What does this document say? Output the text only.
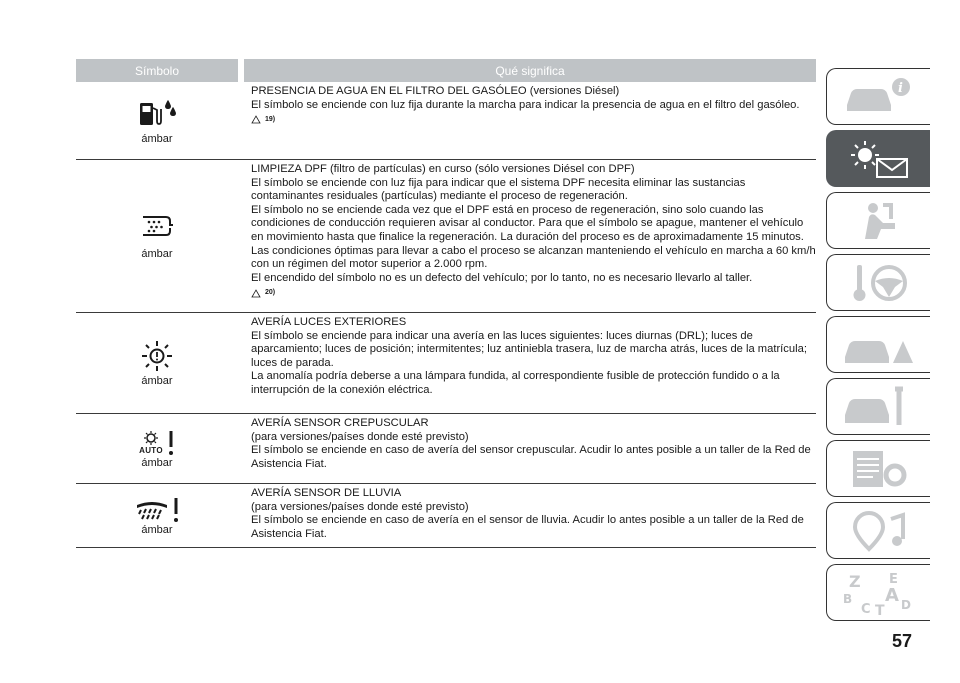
Símbolo	Qué significa
ámbar

PRESENCIA DE AGUA EN EL FILTRO DEL GASÓLEO (versiones Diésel)

El símbolo se enciende con luz fija durante la marcha para indicar la presencia de agua en el filtro del gasóleo.

19)
ámbar

LIMPIEZA DPF (filtro de partículas) en curso (sólo versiones Diésel con DPF)

El símbolo se enciende con luz fija para indicar que el sistema DPF necesita eliminar las sustancias contaminantes residuales (partículas) mediante el proceso de regeneración.

El símbolo no se enciende cada vez que el DPF está en proceso de regeneración, sino solo cuando las condiciones de conducción requieren avisar al conductor. Para que el símbolo se apague, mantener el vehículo en movimiento hasta que finalice la regeneración. La duración del proceso es de aproximadamente 15 minutos. Las condiciones óptimas para llevar a cabo el proceso se alcanzan manteniendo el vehículo en marcha a 60 km/h con un régimen del motor superior a 2.000 rpm.

El encendido del símbolo no es un defecto del vehículo; por lo tanto, no es necesario llevarlo al taller.

20)
ámbar

AVERÍA LUCES EXTERIORES

El símbolo se enciende para indicar una avería en las luces siguientes: luces diurnas (DRL); luces de aparcamiento; luces de posición; intermitentes; luz antiniebla trasera, luz de marcha atrás, luces de la matrícula; luces de parada.

La anomalía podría deberse a una lámpara fundida, al correspondiente fusible de protección fundido o a la interrupción de la conexión eléctrica.

AUTO
ámbar

AVERÍA SENSOR CREPUSCULAR

(para versiones/países donde esté previsto)

El símbolo se enciende en caso de avería del sensor crepuscular. Acudir lo antes posible a un taller de la Red de Asistencia Fiat.

ámbar

AVERÍA SENSOR DE LLUVIA

(para versiones/países donde esté previsto)

El símbolo se enciende en caso de avería en el sensor de lluvia. Acudir lo antes posible a un taller de la Red de Asistencia Fiat.

i
Z E
B A
C	D
T
57
